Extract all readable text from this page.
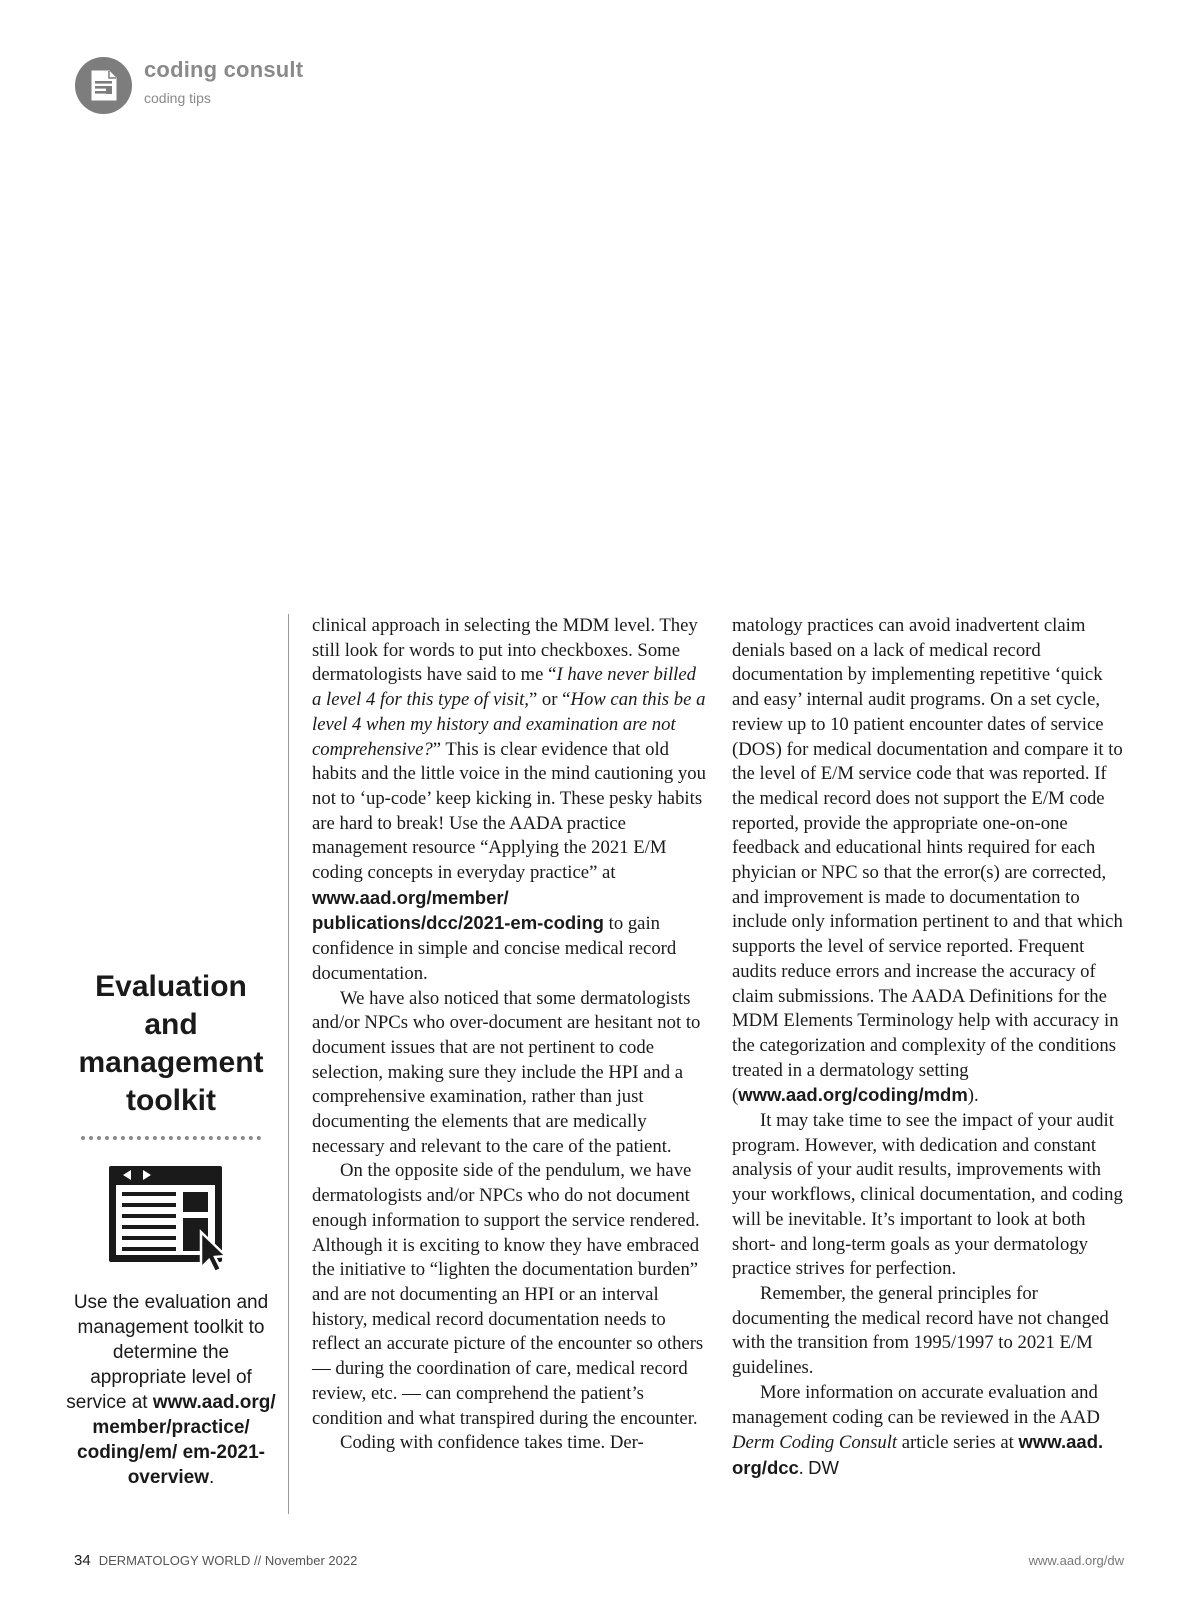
coding consult
coding tips
Evaluation
and
management
toolkit
Use the evaluation and management toolkit to determine the appropriate level of service at www.aad.org/ member/practice/ coding/em/ em-2021-overview.

clinical approach in selecting the MDM level. They still look for words to put into checkboxes. Some dermatologists have said to me “I have never billed a level 4 for this type of visit,” or “How can this be a level 4 when my history and examination are not comprehensive?” This is clear evidence that old habits and the little voice in the mind cautioning you not to ‘up-code’ keep kicking in. These pesky habits are hard to break! Use the AADA practice management resource “Applying the 2021 E/M coding concepts in everyday practice” at www.aad.org/member/ publications/dcc/2021-em-coding to gain confidence in simple and concise medical record documentation.

We have also noticed that some dermatologists and/or NPCs who over-document are hesitant not to document issues that are not pertinent to code selection, making sure they include the HPI and a comprehensive examination, rather than just documenting the elements that are medically necessary and relevant to the care of the patient.

On the opposite side of the pendulum, we have dermatologists and/or NPCs who do not document enough information to support the service rendered. Although it is exciting to know they have embraced the initiative to “lighten the documentation burden” and are not documenting an HPI or an interval history, medical record documentation needs to reflect an accurate picture of the encounter so others — during the coordination of care, medical record review, etc. — can comprehend the patient’s condition and what transpired during the encounter.

Coding with confidence takes time. Der-

matology practices can avoid inadvertent claim denials based on a lack of medical record documentation by implementing repetitive ‘quick and easy’ internal audit programs. On a set cycle, review up to 10 patient encounter dates of service (DOS) for medical documentation and compare it to the level of E/M service code that was reported. If the medical record does not support the E/M code reported, provide the appropriate one-on-one feedback and educational hints required for each phyician or NPC so that the error(s) are corrected, and improvement is made to documentation to include only information pertinent to and that which supports the level of service reported. Frequent audits reduce errors and increase the accuracy of claim submissions. The AADA Definitions for the MDM Elements Terminology help with accuracy in the categorization and complexity of the conditions treated in a dermatology setting (www.aad.org/coding/mdm).

It may take time to see the impact of your audit program. However, with dedication and constant analysis of your audit results, improvements with your workflows, clinical documentation, and coding will be inevitable. It’s important to look at both short- and long-term goals as your dermatology practice strives for perfection.

Remember, the general principles for documenting the medical record have not changed with the transition from 1995/1997 to 2021 E/M guidelines.

More information on accurate evaluation and management coding can be reviewed in the AAD Derm Coding Consult article series at www.aad. org/dcc. DW

34 DERMATOLOGY WORLD // November 2022	www.aad.org/dw
